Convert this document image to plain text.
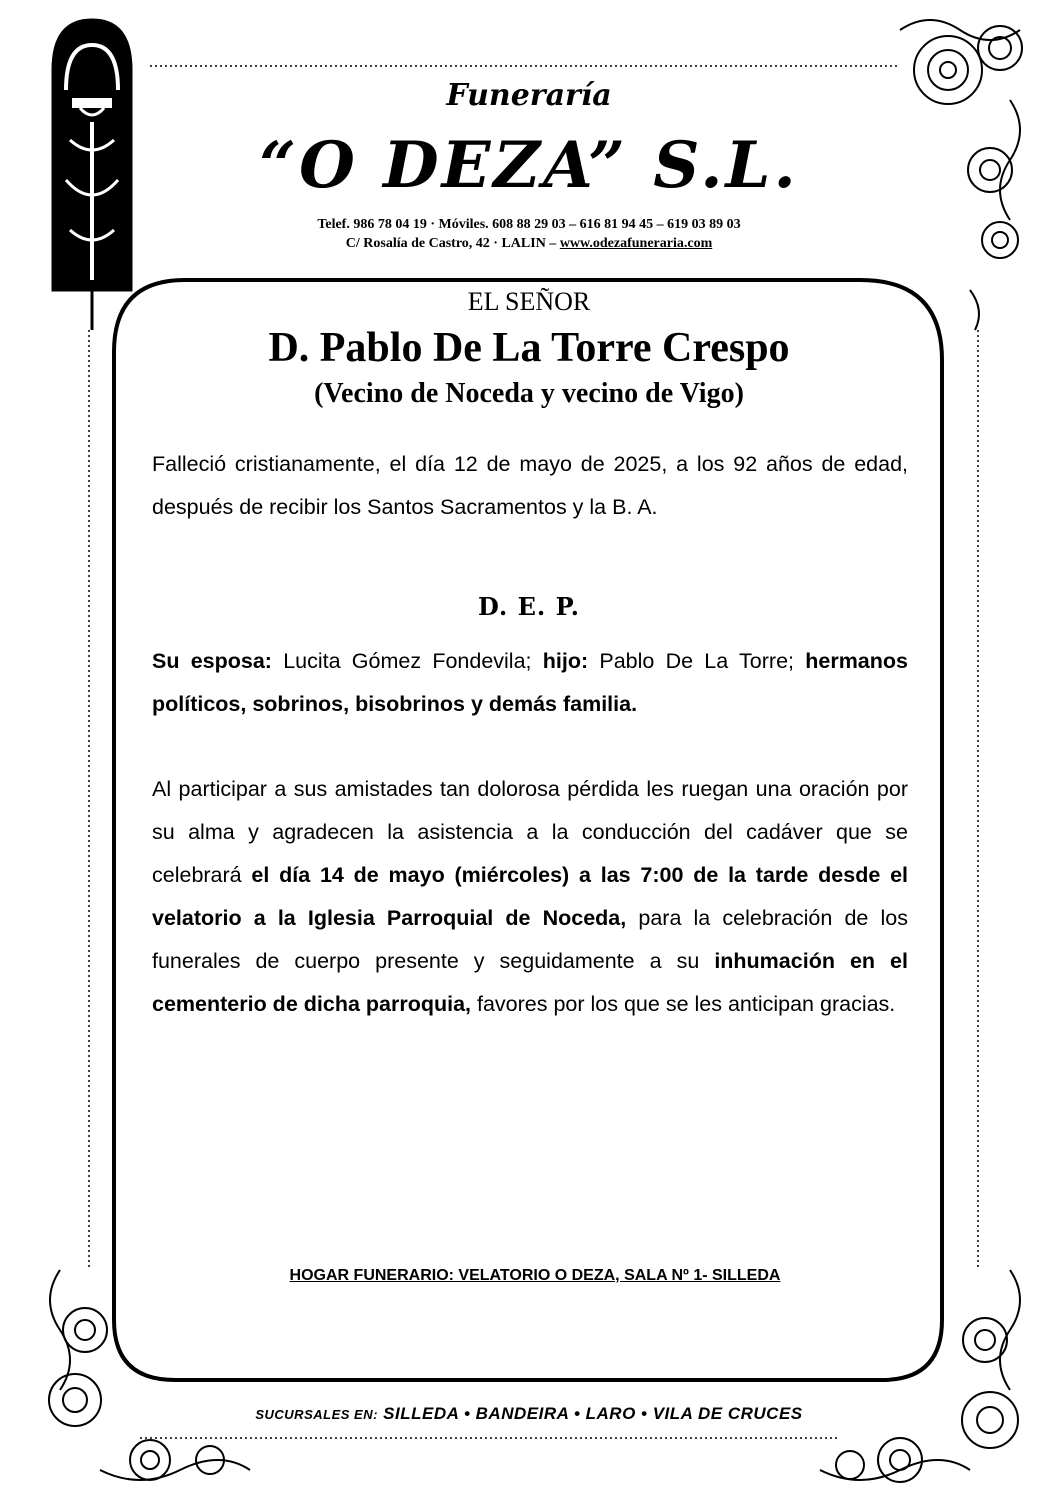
Funeraría
“O DEZA” S.L.
Telef. 986 78 04 19 · Móviles. 608 88 29 03 – 616 81 94 45 – 619 03 89 03
C/ Rosalía de Castro, 42 · LALIN – www.odezafuneraria.com
EL SEÑOR
D. Pablo De La Torre Crespo
(Vecino de Noceda y vecino de Vigo)
Falleció cristianamente, el día 12 de mayo de 2025, a los 92 años de edad, después de recibir los Santos Sacramentos y la B. A.
D. E. P.
Su esposa: Lucita Gómez Fondevila; hijo: Pablo De La Torre; hermanos políticos, sobrinos, bisobrinos y demás familia.
Al participar a sus amistades tan dolorosa pérdida les ruegan una oración por su alma y agradecen la asistencia a la conducción del cadáver que se celebrará el día 14 de mayo (miércoles) a las 7:00 de la tarde desde el velatorio a la Iglesia Parroquial de Noceda, para la celebración de los funerales de cuerpo presente y seguidamente a su inhumación en el cementerio de dicha parroquia, favores por los que se les anticipan gracias.
HOGAR FUNERARIO: VELATORIO O DEZA, SALA Nº 1- SILLEDA
SUCURSALES EN: SILLEDA • BANDEIRA • LARO • VILA DE CRUCES
